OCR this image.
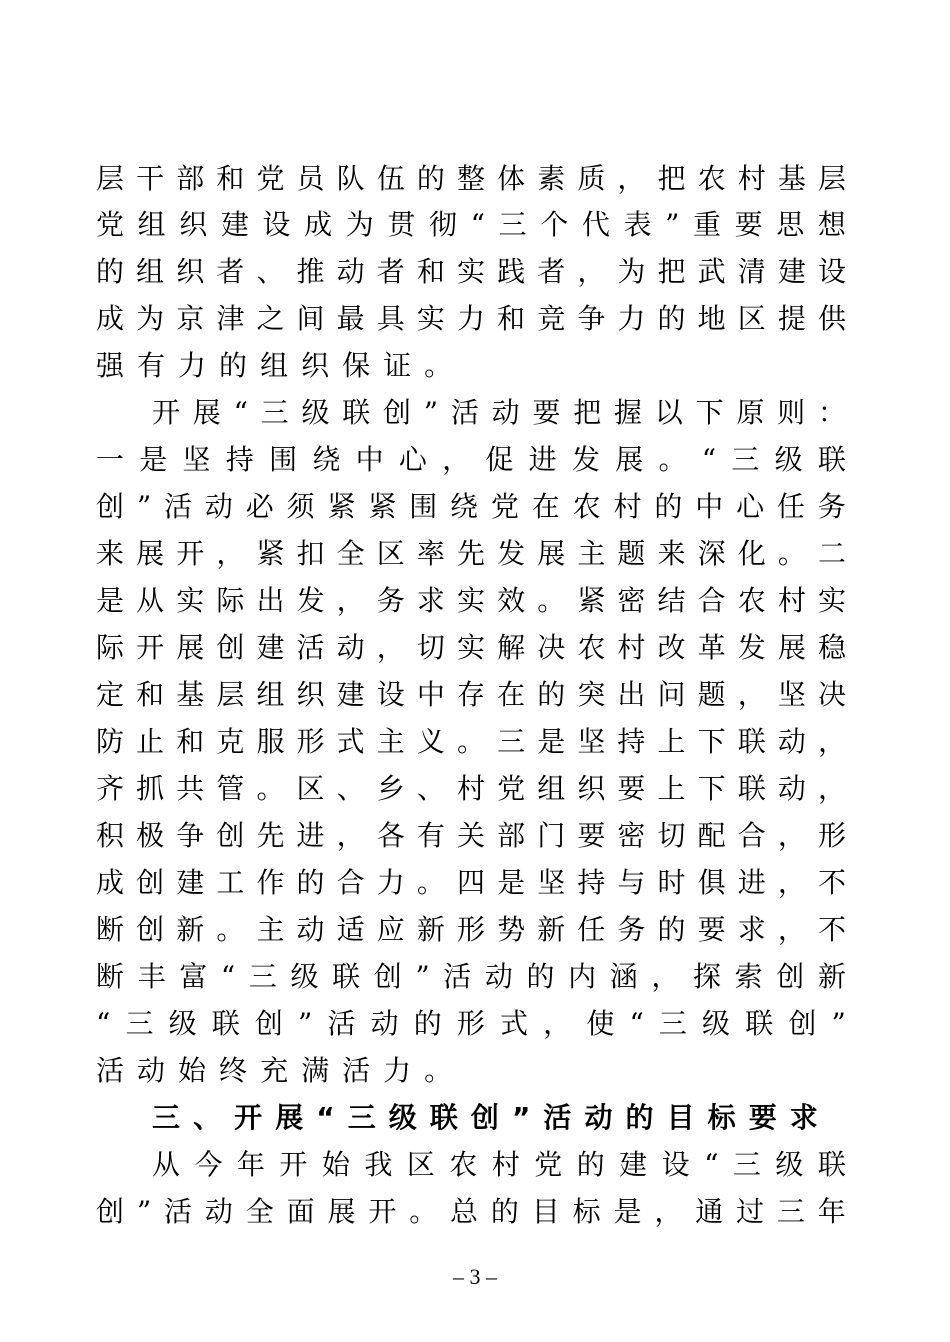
层 干 部 和 党 员 队 伍 的 整 体 素 质 ， 把 农 村 基 层
党 组 织 建 设 成 为 贯 彻 “ 三 个 代 表 ” 重 要 思 想
的 组 织 者 、 推 动 者 和 实 践 者 ， 为 把 武 清 建 设
成 为 京 津 之 间 最 具 实 力 和 竞 争 力 的 地 区 提 供
强 有 力 的 组 织 保 证 。
开 展 “ 三 级 联 创 ” 活 动 要 把 握 以 下 原 则 ：
一 是 坚 持 围 绕 中 心 ， 促 进 发 展 。 “ 三 级 联
创 ” 活 动 必 须 紧 紧 围 绕 党 在 农 村 的 中 心 任 务
来 展 开 ， 紧 扣 全 区 率 先 发 展 主 题 来 深 化 。 二
是 从 实 际 出 发 ， 务 求 实 效 。 紧 密 结 合 农 村 实
际 开 展 创 建 活 动 ， 切 实 解 决 农 村 改 革 发 展 稳
定 和 基 层 组 织 建 设 中 存 在 的 突 出 问 题 ， 坚 决
防 止 和 克 服 形 式 主 义 。 三 是 坚 持 上 下 联 动 ，
齐 抓 共 管 。 区 、 乡 、 村 党 组 织 要 上 下 联 动 ，
积 极 争 创 先 进 ， 各 有 关 部 门 要 密 切 配 合 ， 形
成 创 建 工 作 的 合 力 。 四 是 坚 持 与 时 俱 进 ， 不
断 创 新 。 主 动 适 应 新 形 势 新 任 务 的 要 求 ， 不
断 丰 富 “ 三 级 联 创 ” 活 动 的 内 涵 ， 探 索 创 新
“ 三 级 联 创 ” 活 动 的 形 式 ， 使 “ 三 级 联 创 ”
活 动 始 终 充 满 活 力 。
三 、 开 展 “ 三 级 联 创 ” 活 动 的 目 标 要 求
从 今 年 开 始 我 区 农 村 党 的 建 设 “ 三 级 联
创 ” 活 动 全 面 展 开 。 总 的 目 标 是 ， 通 过 三 年
– 3 –
